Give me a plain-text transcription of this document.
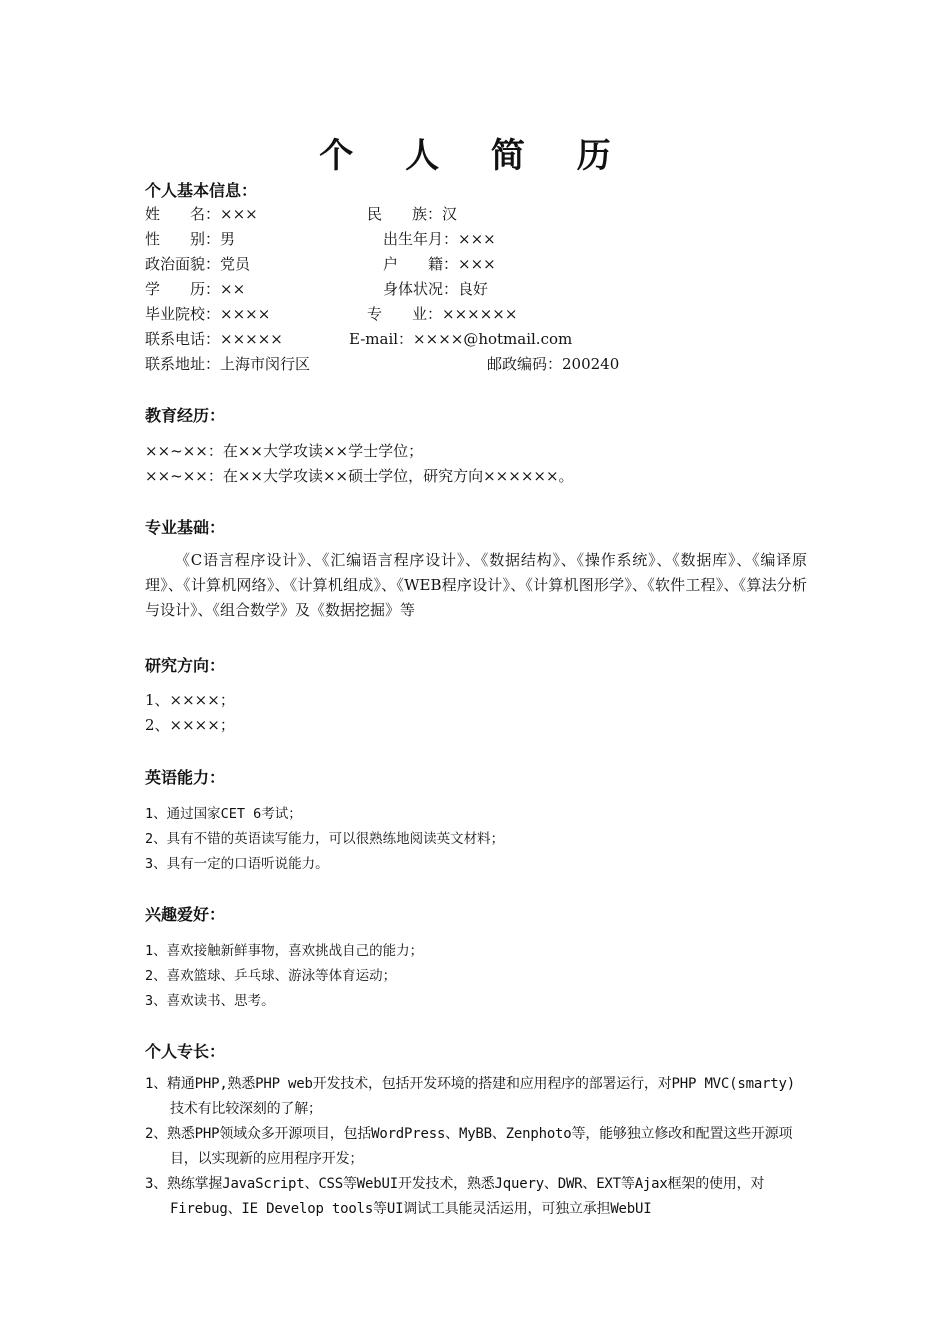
个 人 简 历
个人基本信息：
姓　　名：×××	民　　族：汉
性　　别：男	出生年月：×××
政治面貌：党员	户　　籍：×××
学　　历：××	身体状况：良好
毕业院校：××××	专　　业：××××××
联系电话：×××××	E-mail：××××@hotmail.com
联系地址：上海市闵行区	邮政编码：200240
教育经历：
××~××：在××大学攻读××学士学位；
××~××：在××大学攻读××硕士学位，研究方向××××××。
专业基础：
《C语言程序设计》、《汇编语言程序设计》、《数据结构》、《操作系统》、《数据库》、《编译原理》、《计算机网络》、《计算机组成》、《WEB程序设计》、《计算机图形学》、《软件工程》、《算法分析与设计》、《组合数学》及《数据挖掘》等
研究方向：
1、××××；
2、××××；
英语能力：
1、通过国家CET 6考试；
2、具有不错的英语读写能力，可以很熟练地阅读英文材料；
3、具有一定的口语听说能力。
兴趣爱好：
1、喜欢接触新鲜事物，喜欢挑战自己的能力；
2、喜欢篮球、乒乓球、游泳等体育运动；
3、喜欢读书、思考。
个人专长：
1、精通PHP,熟悉PHP web开发技术，包括开发环境的搭建和应用程序的部署运行，对PHP MVC(smarty)技术有比较深刻的了解；
2、熟悉PHP领域众多开源项目，包括WordPress、MyBB、Zenphoto等，能够独立修改和配置这些开源项目，以实现新的应用程序开发；
3、熟练掌握JavaScript、CSS等WebUI开发技术，熟悉Jquery、DWR、EXT等Ajax框架的使用，对Firebug、IE Develop tools等UI调试工具能灵活运用，可独立承担WebUI
